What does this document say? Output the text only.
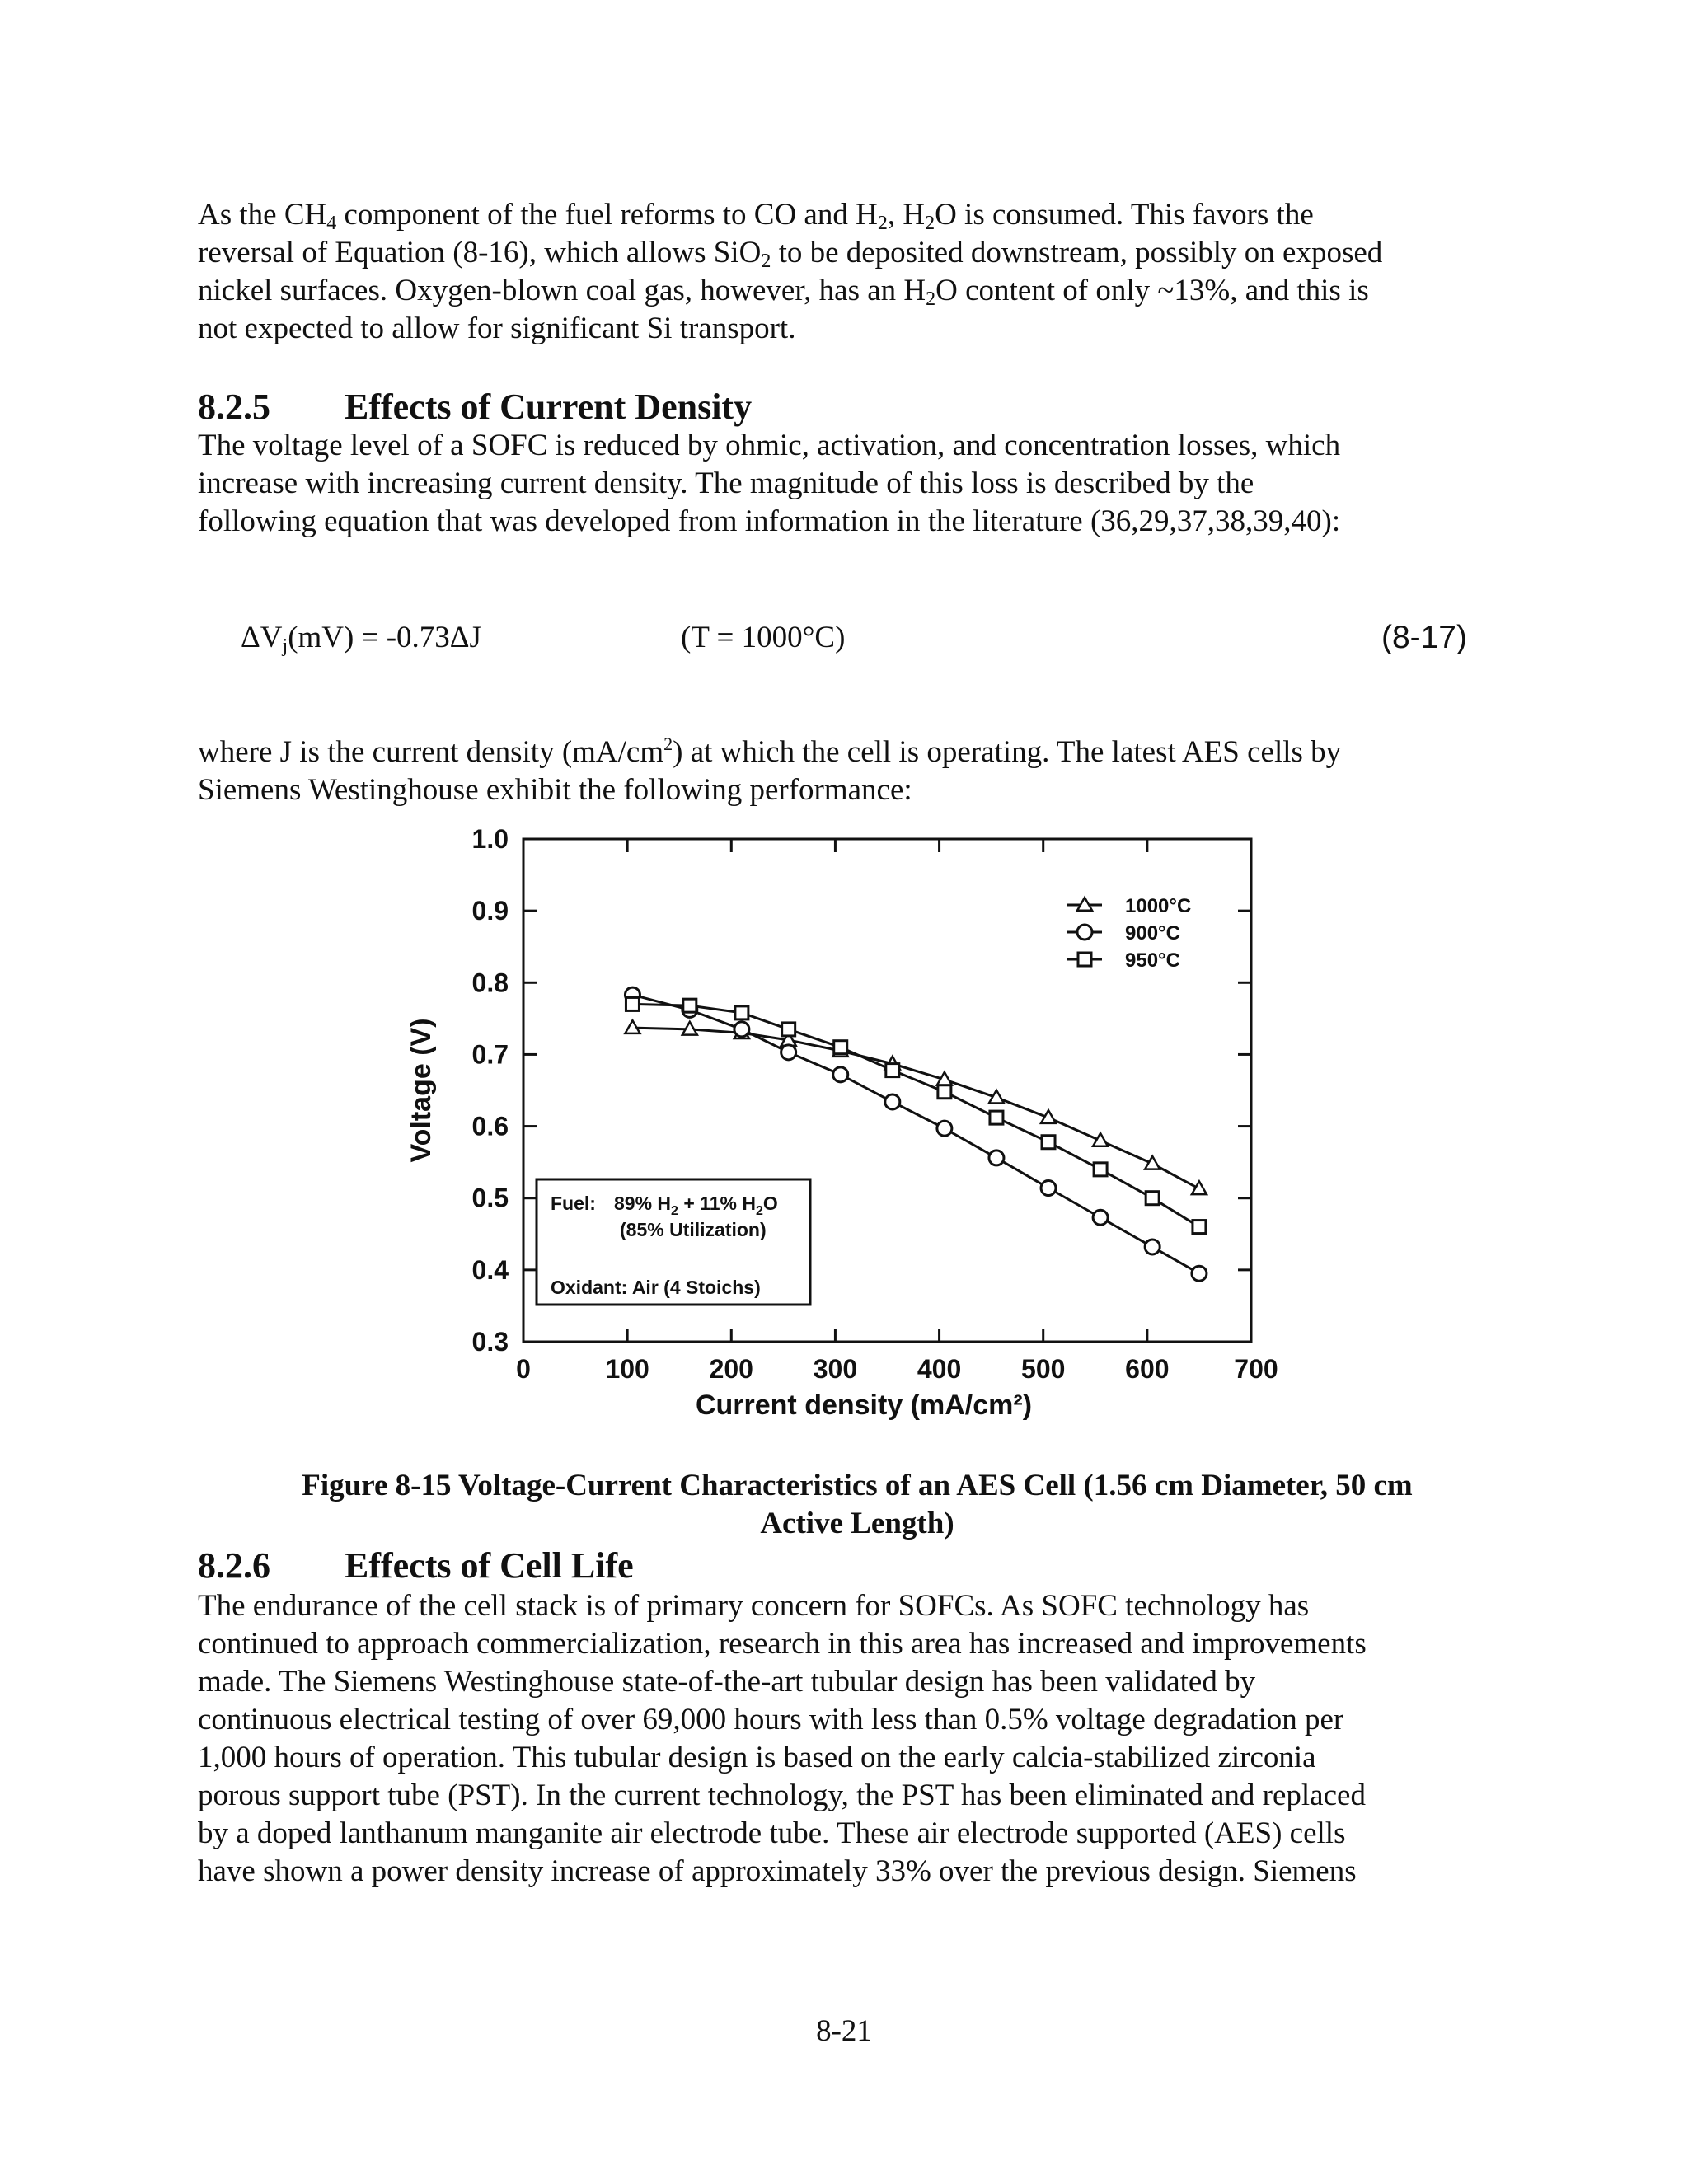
As the $CH_4$ component of the fuel reforms to CO and $H_2$, $H_2O$ is consumed. This favors the
reversal of Equation (8-16), which allows SiO$_2$ to be deposited downstream, possibly on exposed
nickel surfaces. Oxygen-blown coal gas, however, has an $H_2O$ content of only ~13%, and this is
not expected to allow for significant Si transport.
8.2.5 Effects of Current Density
The voltage level of a SOFC is reduced by ohmic, activation, and concentration losses, which
increase with increasing current density. The magnitude of this loss is described by the
following equation that was developed from information in the literature (36,29,37,38,39,40):
$\Delta V_j(mV) = -0.73\Delta J$	(T = 1000°C)	(8-17)
where J is the current density $(mA/cm^2)$ at which the cell is operating. The latest AES cells by
Siemens Westinghouse exhibit the following performance:
0.3
0.4
0.5
0.6
0.7
0.8
0.9
1.0
0	100 200 300 400 500 600 700
Voltage (V)
Current density (mA/cm²)
1000°C
900°C
950°C
Fuel: 89% $H_2 + 11\%$ $H_2O$
(85% Utilization)
Oxidant: Air (4 Stoichs)
Figure 8-15 Voltage-Current Characteristics of an AES Cell (1.56 cm Diameter, 50 cm
Active Length)
8.2.6 Effects of Cell Life
The endurance of the cell stack is of primary concern for SOFCs. As SOFC technology has
continued to approach commercialization, research in this area has increased and improvements
made. The Siemens Westinghouse state-of-the-art tubular design has been validated by
continuous electrical testing of over 69,000 hours with less than 0.5% voltage degradation per
1,000 hours of operation. This tubular design is based on the early calcia-stabilized zirconia
porous support tube (PST). In the current technology, the PST has been eliminated and replaced
by a doped lanthanum manganite air electrode tube. These air electrode supported (AES) cells
have shown a power density increase of approximately 33% over the previous design. Siemens
8-21
